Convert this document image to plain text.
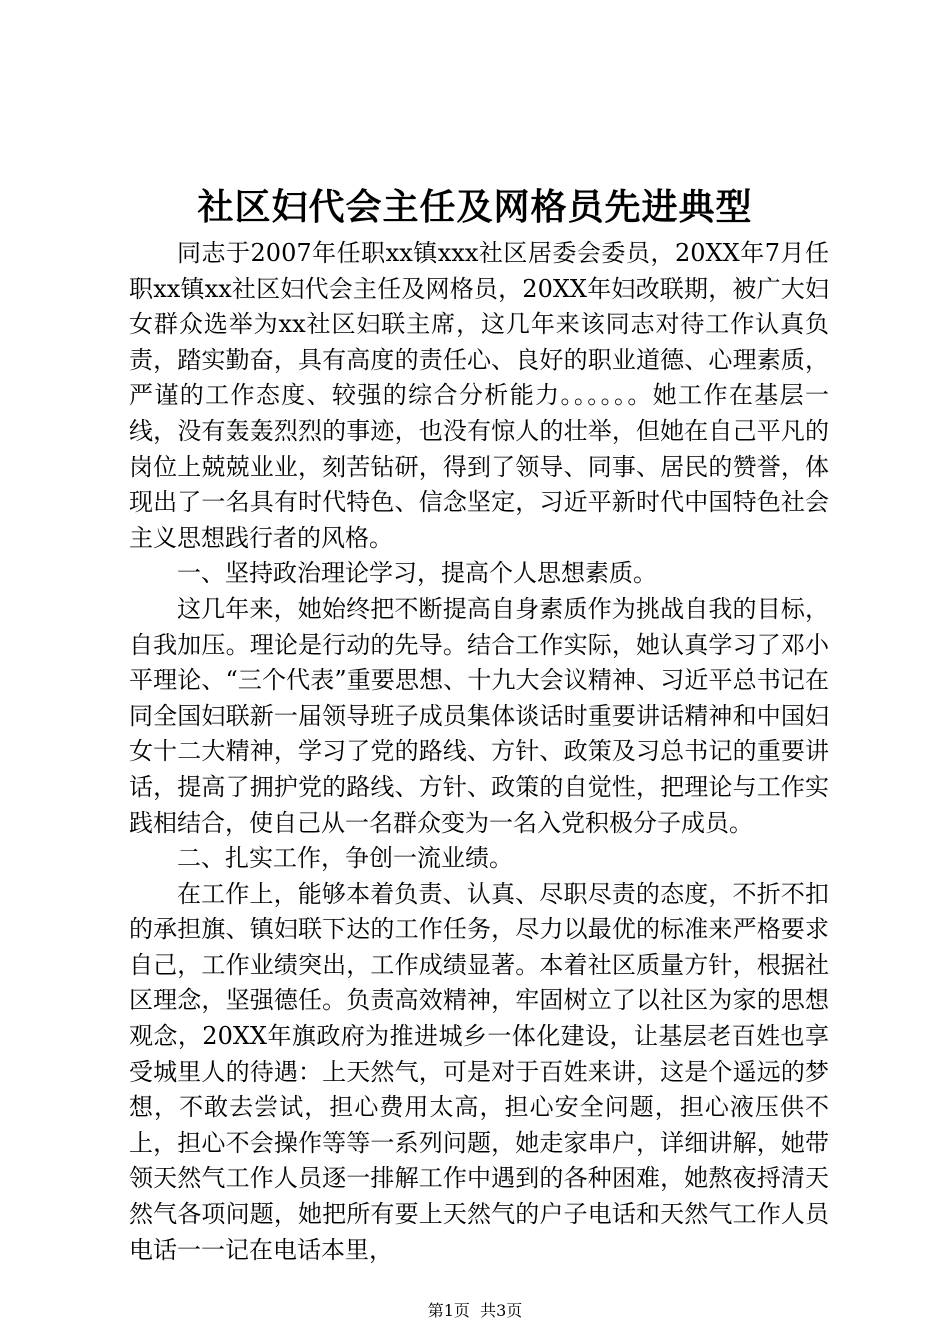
社区妇代会主任及网格员先进典型

同志于2007年任职xx镇xxx社区居委会委员，20XX年7月任职xx镇xx社区妇代会主任及网格员，20XX年妇改联期，被广大妇女群众选举为xx社区妇联主席，这几年来该同志对待工作认真负责，踏实勤奋，具有高度的责任心、良好的职业道德、心理素质，严谨的工作态度、较强的综合分析能力。。。。。。她工作在基层一线，没有轰轰烈烈的事迹，也没有惊人的壮举，但她在自己平凡的岗位上兢兢业业，刻苦钻研，得到了领导、同事、居民的赞誉，体现出了一名具有时代特色、信念坚定，习近平新时代中国特色社会主义思想践行者的风格。

一、坚持政治理论学习，提高个人思想素质。

这几年来，她始终把不断提高自身素质作为挑战自我的目标，自我加压。理论是行动的先导。结合工作实际，她认真学习了邓小平理论、“三个代表”重要思想、十九大会议精神、习近平总书记在同全国妇联新一届领导班子成员集体谈话时重要讲话精神和中国妇女十二大精神，学习了党的路线、方针、政策及习总书记的重要讲话，提高了拥护党的路线、方针、政策的自觉性，把理论与工作实践相结合，使自己从一名群众变为一名入党积极分子成员。

二、扎实工作，争创一流业绩。

在工作上，能够本着负责、认真、尽职尽责的态度，不折不扣的承担旗、镇妇联下达的工作任务，尽力以最优的标准来严格要求自己，工作业绩突出，工作成绩显著。本着社区质量方针，根据社区理念，坚强德任。负责高效精神，牢固树立了以社区为家的思想观念，20XX年旗政府为推进城乡一体化建设，让基层老百姓也享受城里人的待遇：上天然气，可是对于百姓来讲，这是个遥远的梦想，不敢去尝试，担心费用太高，担心安全问题，担心液压供不上，担心不会操作等等一系列问题，她走家串户，详细讲解，她带领天然气工作人员逐一排解工作中遇到的各种困难，她熬夜捋清天然气各项问题，她把所有要上天然气的户子电话和天然气工作人员电话一一记在电话本里，

第1页 共3页
